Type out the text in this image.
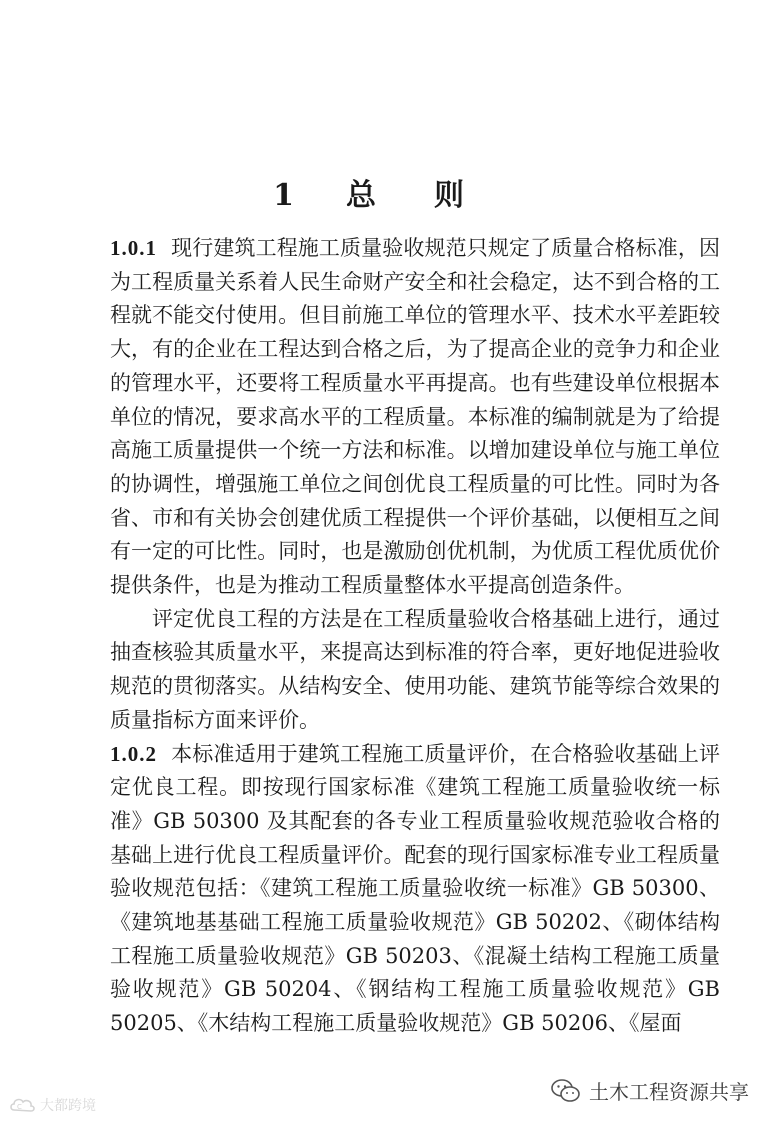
1 总 则

1.0.1 现行建筑工程施工质量验收规范只规定了质量合格标准，因为工程质量关系着人民生命财产安全和社会稳定，达不到合格的工程就不能交付使用。但目前施工单位的管理水平、技术水平差距较大，有的企业在工程达到合格之后，为了提高企业的竞争力和企业的管理水平，还要将工程质量水平再提高。也有些建设单位根据本单位的情况，要求高水平的工程质量。本标准的编制就是为了给提高施工质量提供一个统一方法和标准。以增加建设单位与施工单位的协调性，增强施工单位之间创优良工程质量的可比性。同时为各省、市和有关协会创建优质工程提供一个评价基础，以便相互之间有一定的可比性。同时，也是激励创优机制，为优质工程优质优价提供条件，也是为推动工程质量整体水平提高创造条件。

评定优良工程的方法是在工程质量验收合格基础上进行，通过抽查核验其质量水平，来提高达到标准的符合率，更好地促进验收规范的贯彻落实。从结构安全、使用功能、建筑节能等综合效果的质量指标方面来评价。

1.0.2 本标准适用于建筑工程施工质量评价，在合格验收基础上评定优良工程。即按现行国家标准《建筑工程施工质量验收统一标准》GB 50300 及其配套的各专业工程质量验收规范验收合格的基础上进行优良工程质量评价。配套的现行国家标准专业工程质量验收规范包括：《建筑工程施工质量验收统一标准》GB 50300、《建筑地基基础工程施工质量验收规范》GB 50202、《砌体结构工程施工质量验收规范》GB 50203、《混凝土结构工程施工质量验收规范》GB 50204、《钢结构工程施工质量验收规范》GB 50205、《木结构工程施工质量验收规范》GB 50206、《屋面

C 大都跨境
土木工程资源共享
